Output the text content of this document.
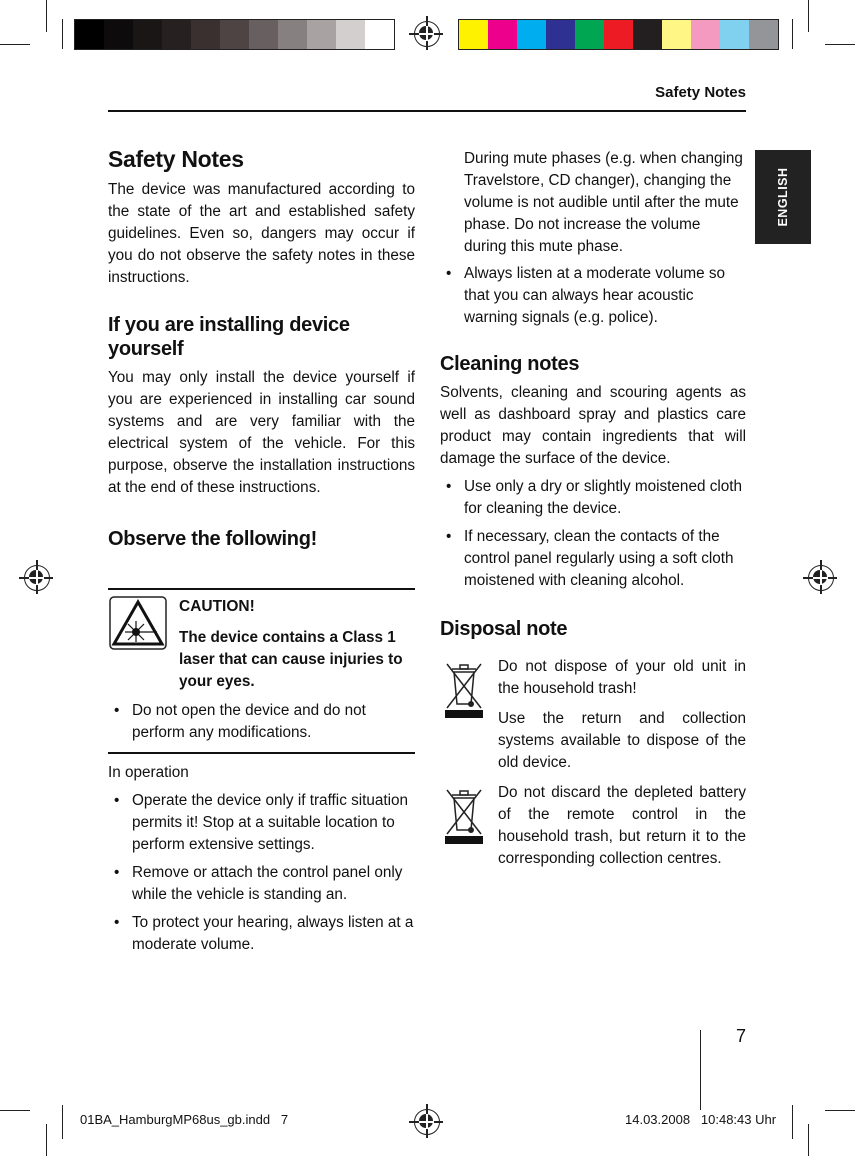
Safety Notes
ENGLISH
Safety Notes

The device was manufactured according to the state of the art and established safety guidelines. Even so, dangers may occur if you do not observe the safety notes in these instructions.

If you are installing device yourself

You may only install the device yourself if you are experienced in installing car sound systems and are very familiar with the electrical system of the vehicle. For this purpose, observe the installation instructions at the end of these instructions.

Observe the following!

CAUTION!

The device contains a Class 1 laser that can cause injuries to your eyes.

• Do not open the device and do not perform any modifications.

In operation

• Operate the device only if traffic situation permits it! Stop at a suitable location to perform extensive settings.

• Remove or attach the control panel only while the vehicle is standing an.

• To protect your hearing, always listen at a moderate volume.

During mute phases (e.g. when changing Travelstore, CD changer), changing the volume is not audible until after the mute phase. Do not increase the volume during this mute phase.

• Always listen at a moderate volume so that you can always hear acoustic warning signals (e.g. police).

Cleaning notes

Solvents, cleaning and scouring agents as well as dashboard spray and plastics care product may contain ingredients that will damage the surface of the device.

• Use only a dry or slightly moistened cloth for cleaning the device.

• If necessary, clean the contacts of the control panel regularly using a soft cloth moistened with cleaning alcohol.

Disposal note

Do not dispose of your old unit in the household trash!

Use the return and collection systems available to dispose of the old device.

Do not discard the depleted battery of the remote control in the household trash, but return it to the corresponding collection centres.

7
01BA_HamburgMP68us_gb.indd   7	14.03.2008   10:48:43 Uhr
